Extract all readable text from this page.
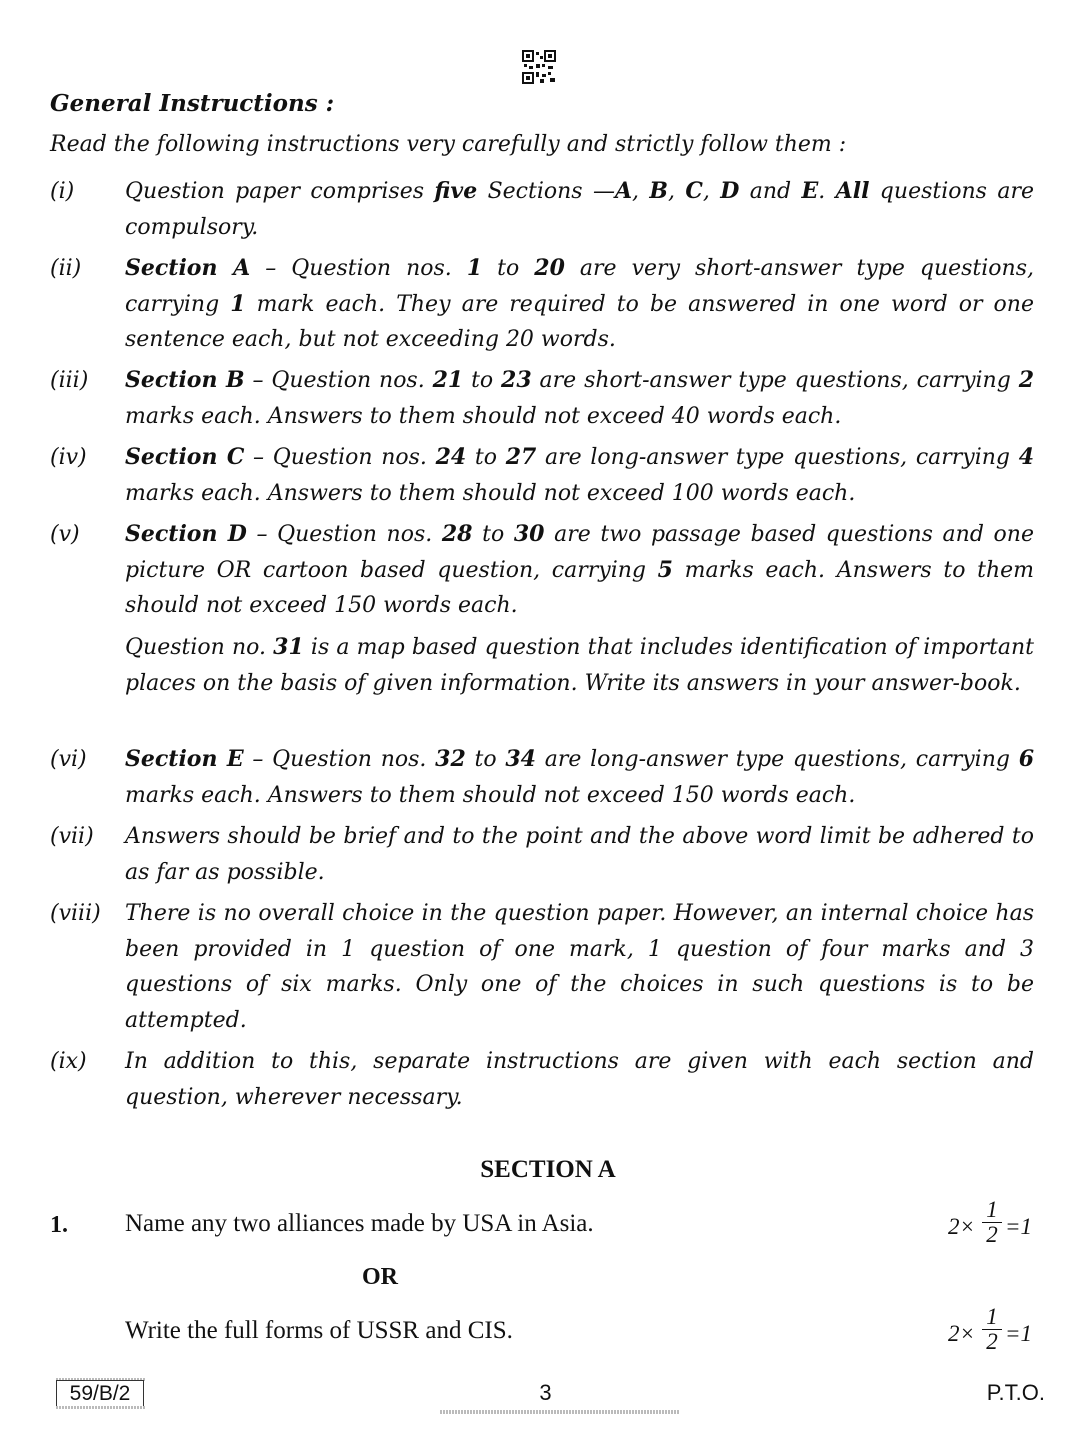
General Instructions :
Read the following instructions very carefully and strictly follow them :
(i) Question paper comprises five Sections —A, B, C, D and E. All questions are compulsory.

(ii) Section A – Question nos. 1 to 20 are very short-answer type questions, carrying 1 mark each. They are required to be answered in one word or one sentence each, but not exceeding 20 words.

(iii) Section B – Question nos. 21 to 23 are short-answer type questions, carrying 2 marks each. Answers to them should not exceed 40 words each.

(iv) Section C – Question nos. 24 to 27 are long-answer type questions, carrying 4 marks each. Answers to them should not exceed 100 words each.

(v) Section D – Question nos. 28 to 30 are two passage based questions and one picture OR cartoon based question, carrying 5 marks each. Answers to them should not exceed 150 words each.

Question no. 31 is a map based question that includes identification of important places on the basis of given information. Write its answers in your answer-book.

(vi) Section E – Question nos. 32 to 34 are long-answer type questions, carrying 6 marks each. Answers to them should not exceed 150 words each.

(vii) Answers should be brief and to the point and the above word limit be adhered to as far as possible.

(viii) There is no overall choice in the question paper. However, an internal choice has been provided in 1 question of one mark, 1 question of four marks and 3 questions of six marks. Only one of the choices in such questions is to be attempted.

(ix) In addition to this, separate instructions are given with each section and question, wherever necessary.

SECTION A
1. Name any two alliances made by USA in Asia.	$2\times \frac{1}{2} =1$
OR
Write the full forms of USSR and CIS.	$2\times \frac{1}{2} =1$
59/B/2	3	P.T.O.
